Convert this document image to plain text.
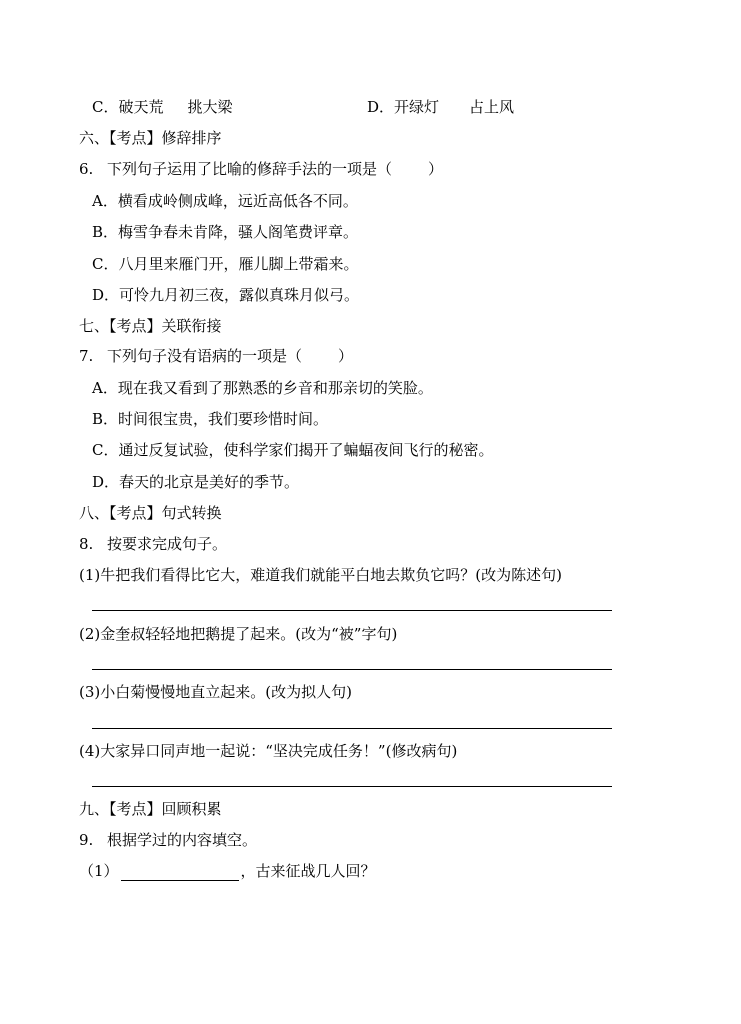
C．破天荒 挑大梁	D．开绿灯 占上风
六、【考点】修辞排序
6. 下列句子运用了比喻的修辞手法的一项是（ ）
A．横看成岭侧成峰，远近高低各不同。
B．梅雪争春未肯降，骚人阁笔费评章。
C．八月里来雁门开，雁儿脚上带霜来。
D．可怜九月初三夜，露似真珠月似弓。
七、【考点】关联衔接
7. 下列句子没有语病的一项是（ ）
A．现在我又看到了那熟悉的乡音和那亲切的笑脸。
B．时间很宝贵，我们要珍惜时间。
C．通过反复试验，使科学家们揭开了蝙蝠夜间飞行的秘密。
D．春天的北京是美好的季节。
八、【考点】句式转换
8. 按要求完成句子。
(1)牛把我们看得比它大，难道我们就能平白地去欺负它吗？(改为陈述句)
(2)金奎叔轻轻地把鹅提了起来。(改为“被”字句)
(3)小白菊慢慢地直立起来。(改为拟人句)
(4)大家异口同声地一起说：“坚决完成任务！”(修改病句)
九、【考点】回顾积累
9. 根据学过的内容填空。
（1）	，古来征战几人回？
